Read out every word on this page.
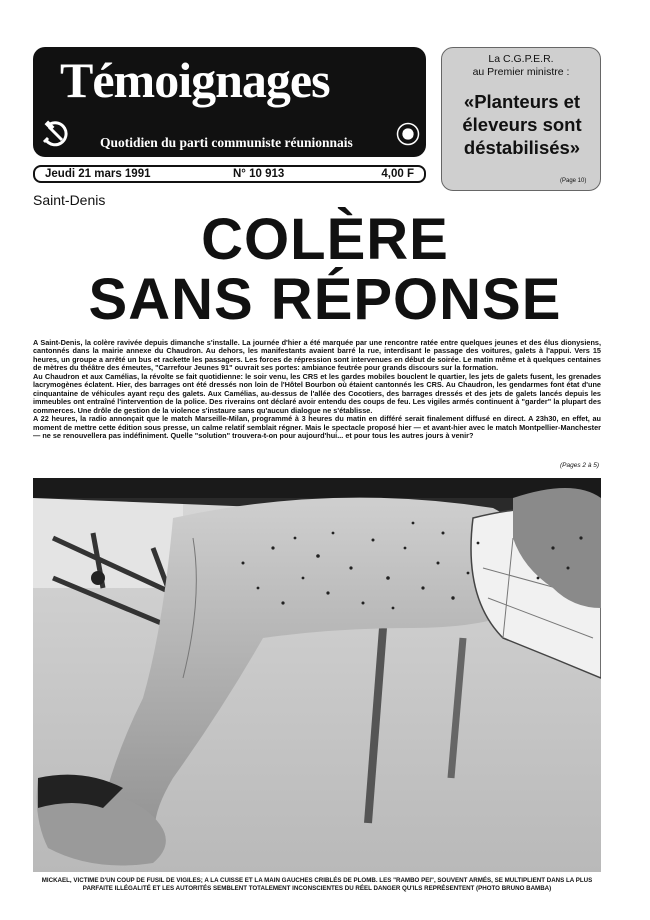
Témoignages
Quotidien du parti communiste réunionnais
Jeudi 21 mars 1991	N° 10 913	4,00 F
La C.G.P.E.R.
au Premier ministre :
«Planteurs et éleveurs sont déstabilisés»
(Page 10)
Saint-Denis
COLÈRE
SANS RÉPONSE

A Saint-Denis, la colère ravivée depuis dimanche s'installe. La journée d'hier a été marquée par une rencontre ratée entre quelques jeunes et des élus dionysiens, cantonnés dans la mairie annexe du Chaudron. Au dehors, les manifestants avaient barré la rue, interdisant le passage des voitures, galets à l'appui. Vers 15 heures, un groupe a arrêté un bus et rackette les passagers. Les forces de répression sont intervenues en début de soirée. Le matin même et à quelques centaines de mètres du théâtre des émeutes, "Carrefour Jeunes 91" ouvrait ses portes: ambiance feutrée pour grands discours sur la formation.

Au Chaudron et aux Camélias, la révolte se fait quotidienne: le soir venu, les CRS et les gardes mobiles bouclent le quartier, les jets de galets fusent, les grenades lacrymogènes éclatent. Hier, des barrages ont été dressés non loin de l'Hôtel Bourbon où étaient cantonnés les CRS. Au Chaudron, les gendarmes font état d'une cinquantaine de véhicules ayant reçu des galets. Aux Camélias, au-dessus de l'allée des Cocotiers, des barrages dressés et des jets de galets lancés depuis les immeubles ont entraîné l'intervention de la police. Des riverains ont déclaré avoir entendu des coups de feu. Les vigiles armés continuent à "garder" la plupart des commerces. Une drôle de gestion de la violence s'instaure sans qu'aucun dialogue ne s'établisse.

A 22 heures, la radio annonçait que le match Marseille-Milan, programmé à 3 heures du matin en différé serait finalement diffusé en direct. A 23h30, en effet, au moment de mettre cette édition sous presse, un calme relatif semblait régner. Mais le spectacle proposé hier — et avant-hier avec le match Montpellier-Manchester — ne se renouvellera pas indéfiniment. Quelle "solution" trouvera-t-on pour aujourd'hui... et pour tous les autres jours à venir?

(Pages 2 à 5)
MICKAEL, VICTIME D'UN COUP DE FUSIL DE VIGILES; A LA CUISSE ET LA MAIN GAUCHES CRIBLÉS DE PLOMB. LES "RAMBO PEI", SOUVENT ARMÉS, SE MULTIPLIENT DANS LA PLUS PARFAITE ILLÉGALITÉ ET LES AUTORITÉS SEMBLENT TOTALEMENT INCONSCIENTES DU RÉEL DANGER QU'ILS REPRÉSENTENT (PHOTO BRUNO BAMBA)
